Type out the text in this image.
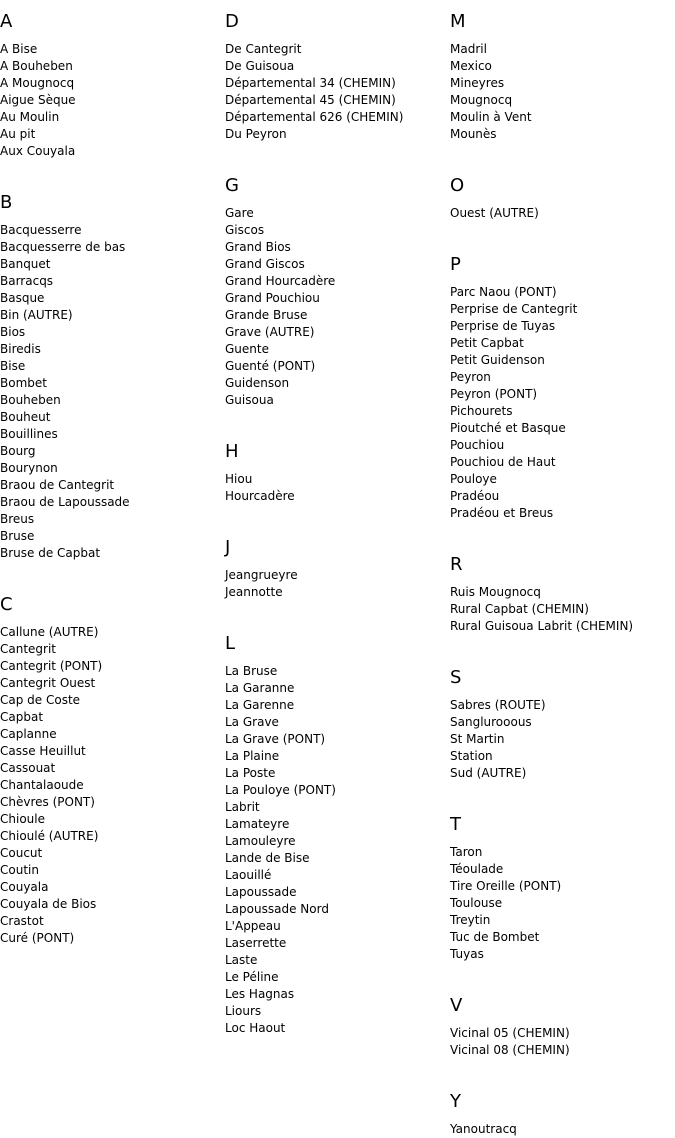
A
A Bise
A Bouheben
A Mougnocq
Aigue Sèque
Au Moulin
Au pit
Aux Couyala
B
Bacquesserre
Bacquesserre de bas
Banquet
Barracqs
Basque
Bin (AUTRE)
Bios
Biredis
Bise
Bombet
Bouheben
Bouheut
Bouillines
Bourg
Bourynon
Braou de Cantegrit
Braou de Lapoussade
Breus
Bruse
Bruse de Capbat
C
Callune (AUTRE)
Cantegrit
Cantegrit (PONT)
Cantegrit Ouest
Cap de Coste
Capbat
Caplanne
Casse Heuillut
Cassouat
Chantalaoude
Chèvres (PONT)
Chioule
Chioulé (AUTRE)
Coucut
Coutin
Couyala
Couyala de Bios
Crastot
Curé (PONT)
D
De Cantegrit
De Guisoua
Départemental 34 (CHEMIN)
Départemental 45 (CHEMIN)
Départemental 626 (CHEMIN)
Du Peyron
G
Gare
Giscos
Grand Bios
Grand Giscos
Grand Hourcadère
Grand Pouchiou
Grande Bruse
Grave (AUTRE)
Guente
Guenté (PONT)
Guidenson
Guisoua
H
Hiou
Hourcadère
J
Jeangrueyre
Jeannotte
L
La Bruse
La Garanne
La Garenne
La Grave
La Grave (PONT)
La Plaine
La Poste
La Pouloye (PONT)
Labrit
Lamateyre
Lamouleyre
Lande de Bise
Laouillé
Lapoussade
Lapoussade Nord
L'Appeau
Laserrette
Laste
Le Péline
Les Hagnas
Liours
Loc Haout
M
Madril
Mexico
Mineyres
Mougnocq
Moulin à Vent
Mounès
O
Ouest (AUTRE)
P
Parc Naou (PONT)
Perprise de Cantegrit
Perprise de Tuyas
Petit Capbat
Petit Guidenson
Peyron
Peyron (PONT)
Pichourets
Pioutché et Basque
Pouchiou
Pouchiou de Haut
Pouloye
Pradéou
Pradéou et Breus
R
Ruis Mougnocq
Rural Capbat (CHEMIN)
Rural Guisoua Labrit (CHEMIN)
S
Sabres (ROUTE)
Sanglurooous
St Martin
Station
Sud (AUTRE)
T
Taron
Téoulade
Tire Oreille (PONT)
Toulouse
Treytin
Tuc de Bombet
Tuyas
V
Vicinal 05 (CHEMIN)
Vicinal 08 (CHEMIN)
Y
Yanoutracq
